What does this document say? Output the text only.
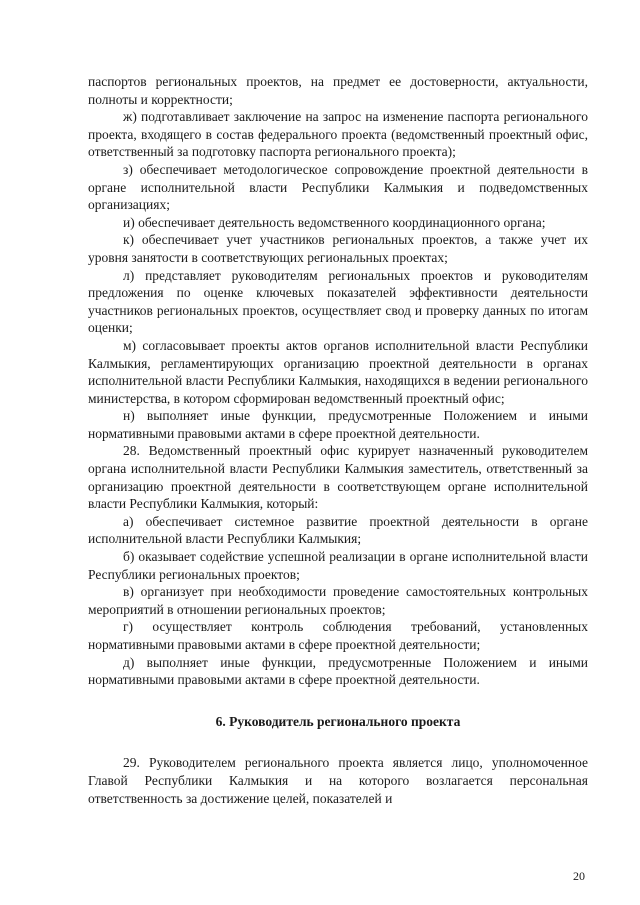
паспортов региональных проектов, на предмет ее достоверности, актуальности, полноты и корректности;

ж) подготавливает заключение на запрос на изменение паспорта регионального проекта, входящего в состав федерального проекта (ведомственный проектный офис, ответственный за подготовку паспорта регионального проекта);

з) обеспечивает методологическое сопровождение проектной деятельности в органе исполнительной власти Республики Калмыкия и подведомственных организациях;

и) обеспечивает деятельность ведомственного координационного органа;

к) обеспечивает учет участников региональных проектов, а также учет их уровня занятости в соответствующих региональных проектах;

л) представляет руководителям региональных проектов и руководителям предложения по оценке ключевых показателей эффективности деятельности участников региональных проектов, осуществляет свод и проверку данных по итогам оценки;

м) согласовывает проекты актов органов исполнительной власти Республики Калмыкия, регламентирующих организацию проектной деятельности в органах исполнительной власти Республики Калмыкия, находящихся в ведении регионального министерства, в котором сформирован ведомственный проектный офис;

н) выполняет иные функции, предусмотренные Положением и иными нормативными правовыми актами в сфере проектной деятельности.

28. Ведомственный проектный офис курирует назначенный руководителем органа исполнительной власти Республики Калмыкия заместитель, ответственный за организацию проектной деятельности в соответствующем органе исполнительной власти Республики Калмыкия, который:

а) обеспечивает системное развитие проектной деятельности в органе исполнительной власти Республики Калмыкия;

б) оказывает содействие успешной реализации в органе исполнительной власти Республики региональных проектов;

в) организует при необходимости проведение самостоятельных контрольных мероприятий в отношении региональных проектов;

г) осуществляет контроль соблюдения требований, установленных нормативными правовыми актами в сфере проектной деятельности;

д) выполняет иные функции, предусмотренные Положением и иными нормативными правовыми актами в сфере проектной деятельности.

6. Руководитель регионального проекта

29. Руководителем регионального проекта является лицо, уполномоченное Главой Республики Калмыкия и на которого возлагается персональная ответственность за достижение целей, показателей и

20
